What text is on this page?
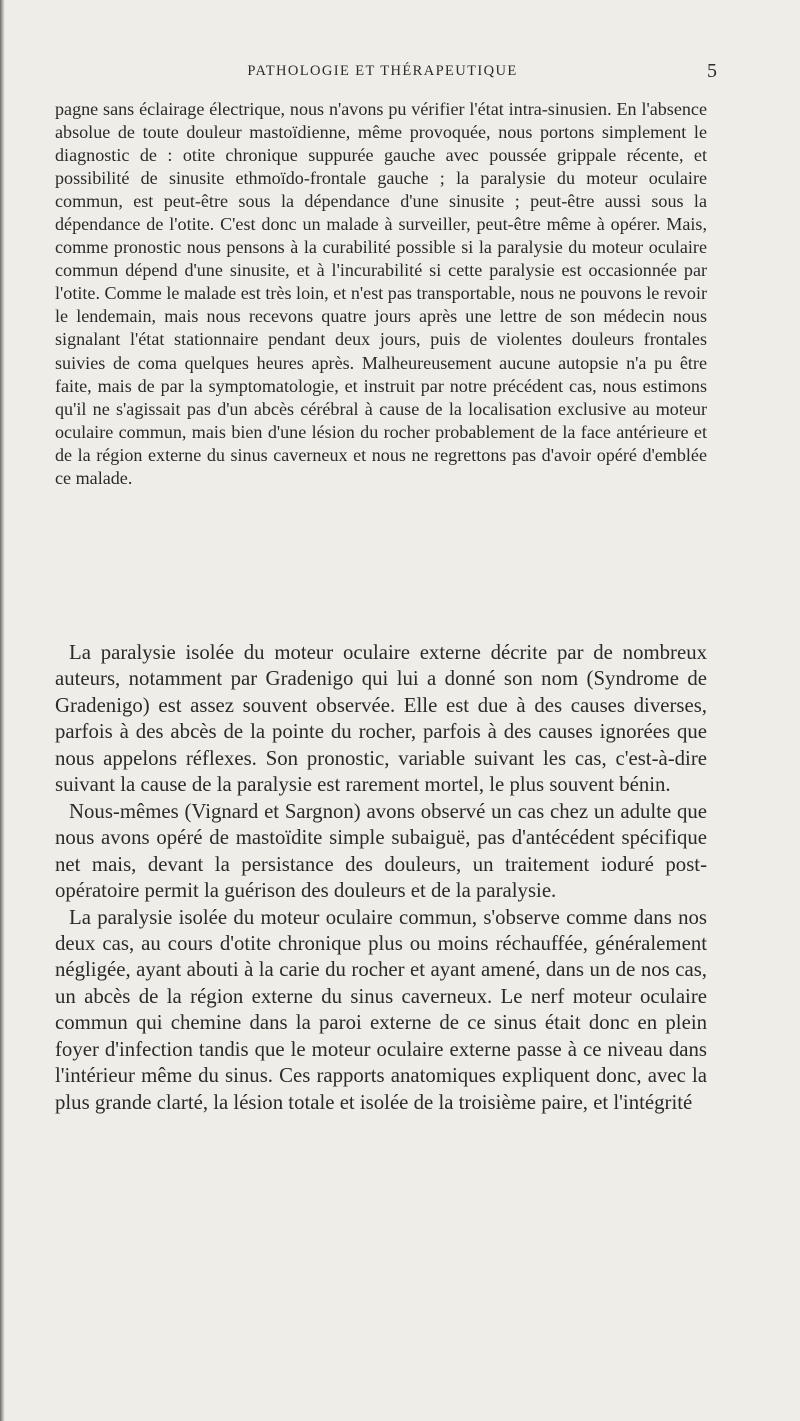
PATHOLOGIE ET THÉRAPEUTIQUE	5

pagne sans éclairage électrique, nous n'avons pu vérifier l'état intra-sinusien. En l'absence absolue de toute douleur mastoïdienne, même provoquée, nous portons simplement le diagnostic de : otite chronique suppurée gauche avec poussée grippale récente, et possibilité de sinusite ethmoïdo-frontale gauche ; la paralysie du moteur oculaire commun, est peut-être sous la dépendance d'une sinusite ; peut-être aussi sous la dépendance de l'otite. C'est donc un malade à surveiller, peut-être même à opérer. Mais, comme pronostic nous pensons à la curabilité possible si la paralysie du moteur oculaire commun dépend d'une sinusite, et à l'incurabilité si cette paralysie est occasionnée par l'otite. Comme le malade est très loin, et n'est pas transportable, nous ne pouvons le revoir le lendemain, mais nous recevons quatre jours après une lettre de son médecin nous signalant l'état stationnaire pendant deux jours, puis de violentes douleurs frontales suivies de coma quelques heures après. Malheureusement aucune autopsie n'a pu être faite, mais de par la symptomatologie, et instruit par notre précédent cas, nous estimons qu'il ne s'agissait pas d'un abcès cérébral à cause de la localisation exclusive au moteur oculaire commun, mais bien d'une lésion du rocher probablement de la face antérieure et de la région externe du sinus caverneux et nous ne regrettons pas d'avoir opéré d'emblée ce malade.

La paralysie isolée du moteur oculaire externe décrite par de nombreux auteurs, notamment par Gradenigo qui lui a donné son nom (Syndrome de Gradenigo) est assez souvent observée. Elle est due à des causes diverses, parfois à des abcès de la pointe du rocher, parfois à des causes ignorées que nous appelons réflexes. Son pronostic, variable suivant les cas, c'est-à-dire suivant la cause de la paralysie est rarement mortel, le plus souvent bénin.

Nous-mêmes (Vignard et Sargnon) avons observé un cas chez un adulte que nous avons opéré de mastoïdite simple subaiguë, pas d'antécédent spécifique net mais, devant la persistance des douleurs, un traitement ioduré post-opératoire permit la guérison des douleurs et de la paralysie.

La paralysie isolée du moteur oculaire commun, s'observe comme dans nos deux cas, au cours d'otite chronique plus ou moins réchauffée, généralement négligée, ayant abouti à la carie du rocher et ayant amené, dans un de nos cas, un abcès de la région externe du sinus caverneux. Le nerf moteur oculaire commun qui chemine dans la paroi externe de ce sinus était donc en plein foyer d'infection tandis que le moteur oculaire externe passe à ce niveau dans l'intérieur même du sinus. Ces rapports anatomiques expliquent donc, avec la plus grande clarté, la lésion totale et isolée de la troisième paire, et l'intégrité
